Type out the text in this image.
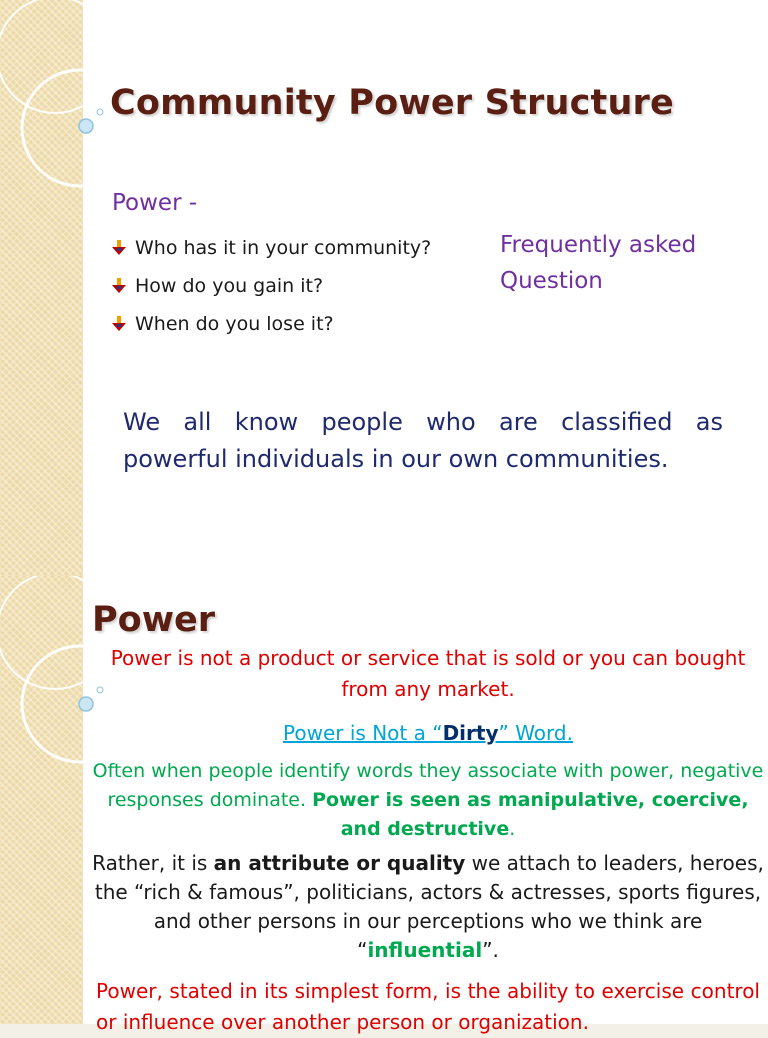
Community Power Structure
Power -
Who has it in your community?
How do you gain it?
When do you lose it?
Frequently asked
Question

We all know people who are classified as powerful individuals in our own communities.

Power

Power is not a product or service that is sold or you can bought from any market.

Power is Not a “Dirty” Word.

Often when people identify words they associate with power, negative responses dominate. Power is seen as manipulative, coercive, and destructive.

Rather, it is an attribute or quality we attach to leaders, heroes, the “rich & famous”, politicians, actors & actresses, sports figures, and other persons in our perceptions who we think are “influential”.

Power, stated in its simplest form, is the ability to exercise control or influence over another person or organization.
